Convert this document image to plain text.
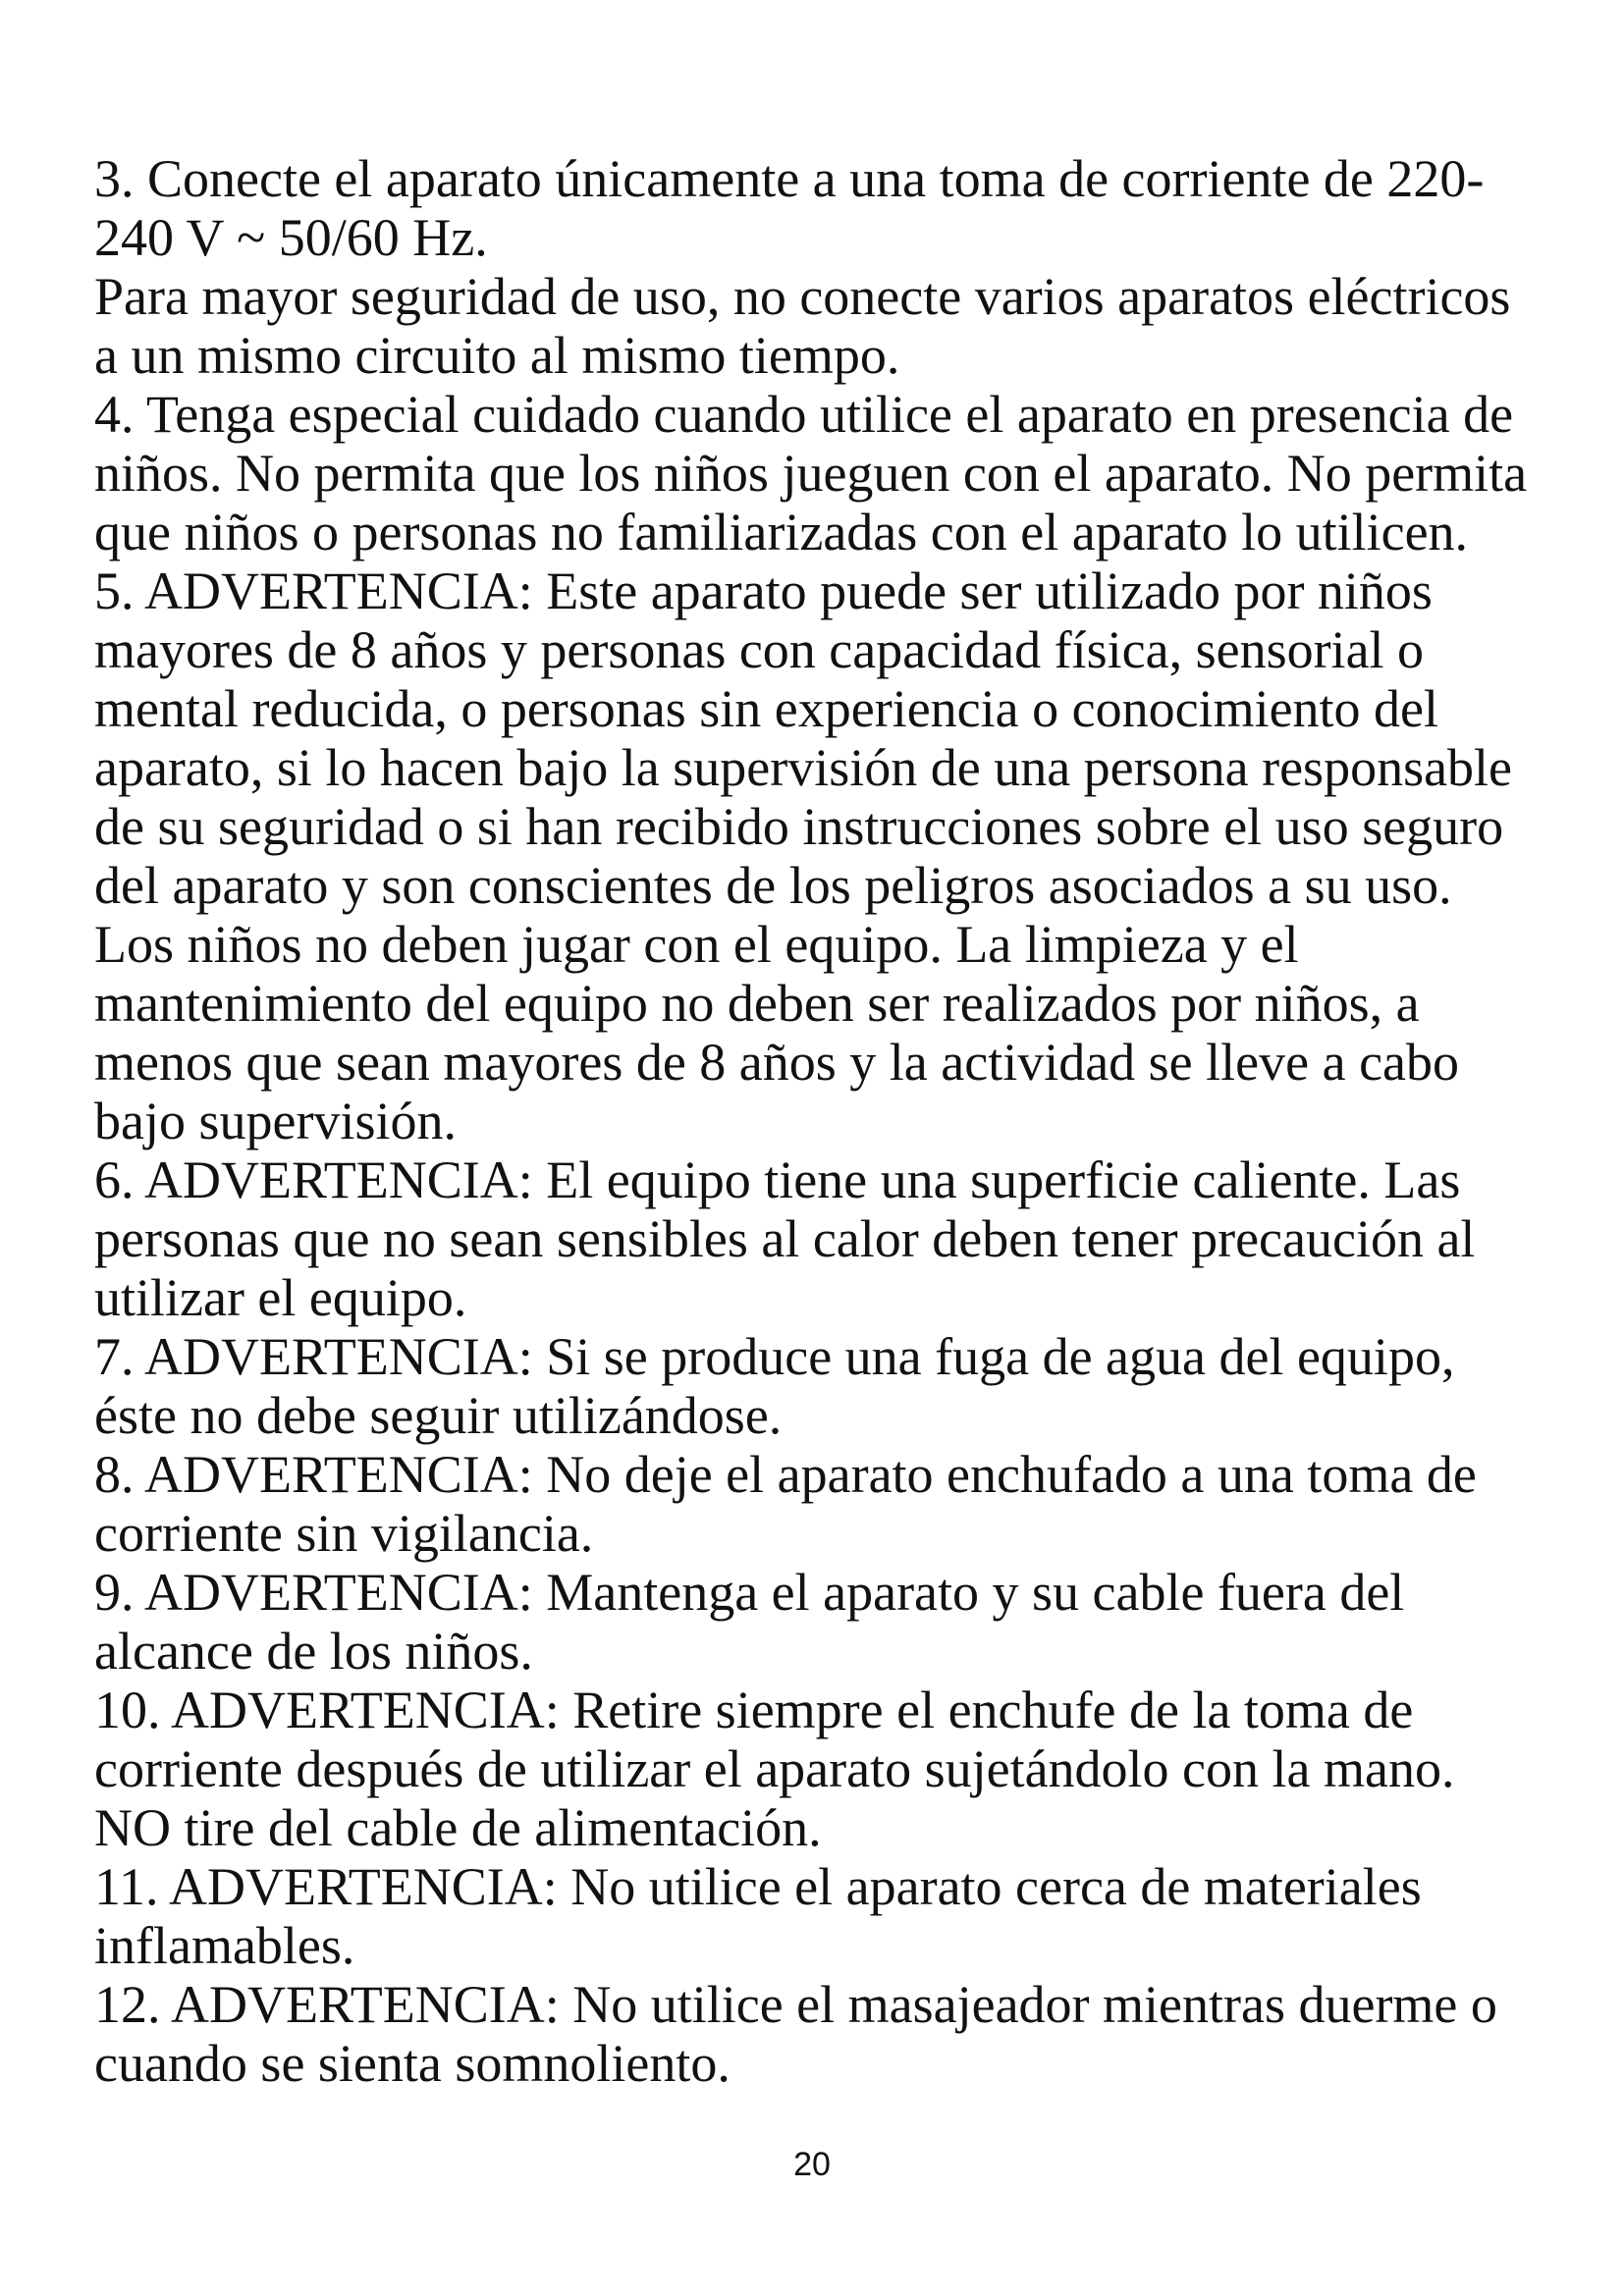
3. Conecte el aparato únicamente a una toma de corriente de 220-

240 V ~ 50/60 Hz.

Para mayor seguridad de uso, no conecte varios aparatos eléctricos

a un mismo circuito al mismo tiempo.

4. Tenga especial cuidado cuando utilice el aparato en presencia de

niños. No permita que los niños jueguen con el aparato. No permita

que niños o personas no familiarizadas con el aparato lo utilicen.

5. ADVERTENCIA: Este aparato puede ser utilizado por niños

mayores de 8 años y personas con capacidad física, sensorial o

mental reducida, o personas sin experiencia o conocimiento del

aparato, si lo hacen bajo la supervisión de una persona responsable

de su seguridad o si han recibido instrucciones sobre el uso seguro

del aparato y son conscientes de los peligros asociados a su uso.

Los niños no deben jugar con el equipo. La limpieza y el

mantenimiento del equipo no deben ser realizados por niños, a

menos que sean mayores de 8 años y la actividad se lleve a cabo

bajo supervisión.

6. ADVERTENCIA: El equipo tiene una superficie caliente. Las

personas que no sean sensibles al calor deben tener precaución al

utilizar el equipo.

7. ADVERTENCIA: Si se produce una fuga de agua del equipo,

éste no debe seguir utilizándose.

8. ADVERTENCIA: No deje el aparato enchufado a una toma de

corriente sin vigilancia.

9. ADVERTENCIA: Mantenga el aparato y su cable fuera del

alcance de los niños.

10. ADVERTENCIA: Retire siempre el enchufe de la toma de

corriente después de utilizar el aparato sujetándolo con la mano.

NO tire del cable de alimentación.

11. ADVERTENCIA: No utilice el aparato cerca de materiales

inflamables.

12. ADVERTENCIA: No utilice el masajeador mientras duerme o

cuando se sienta somnoliento.

20
